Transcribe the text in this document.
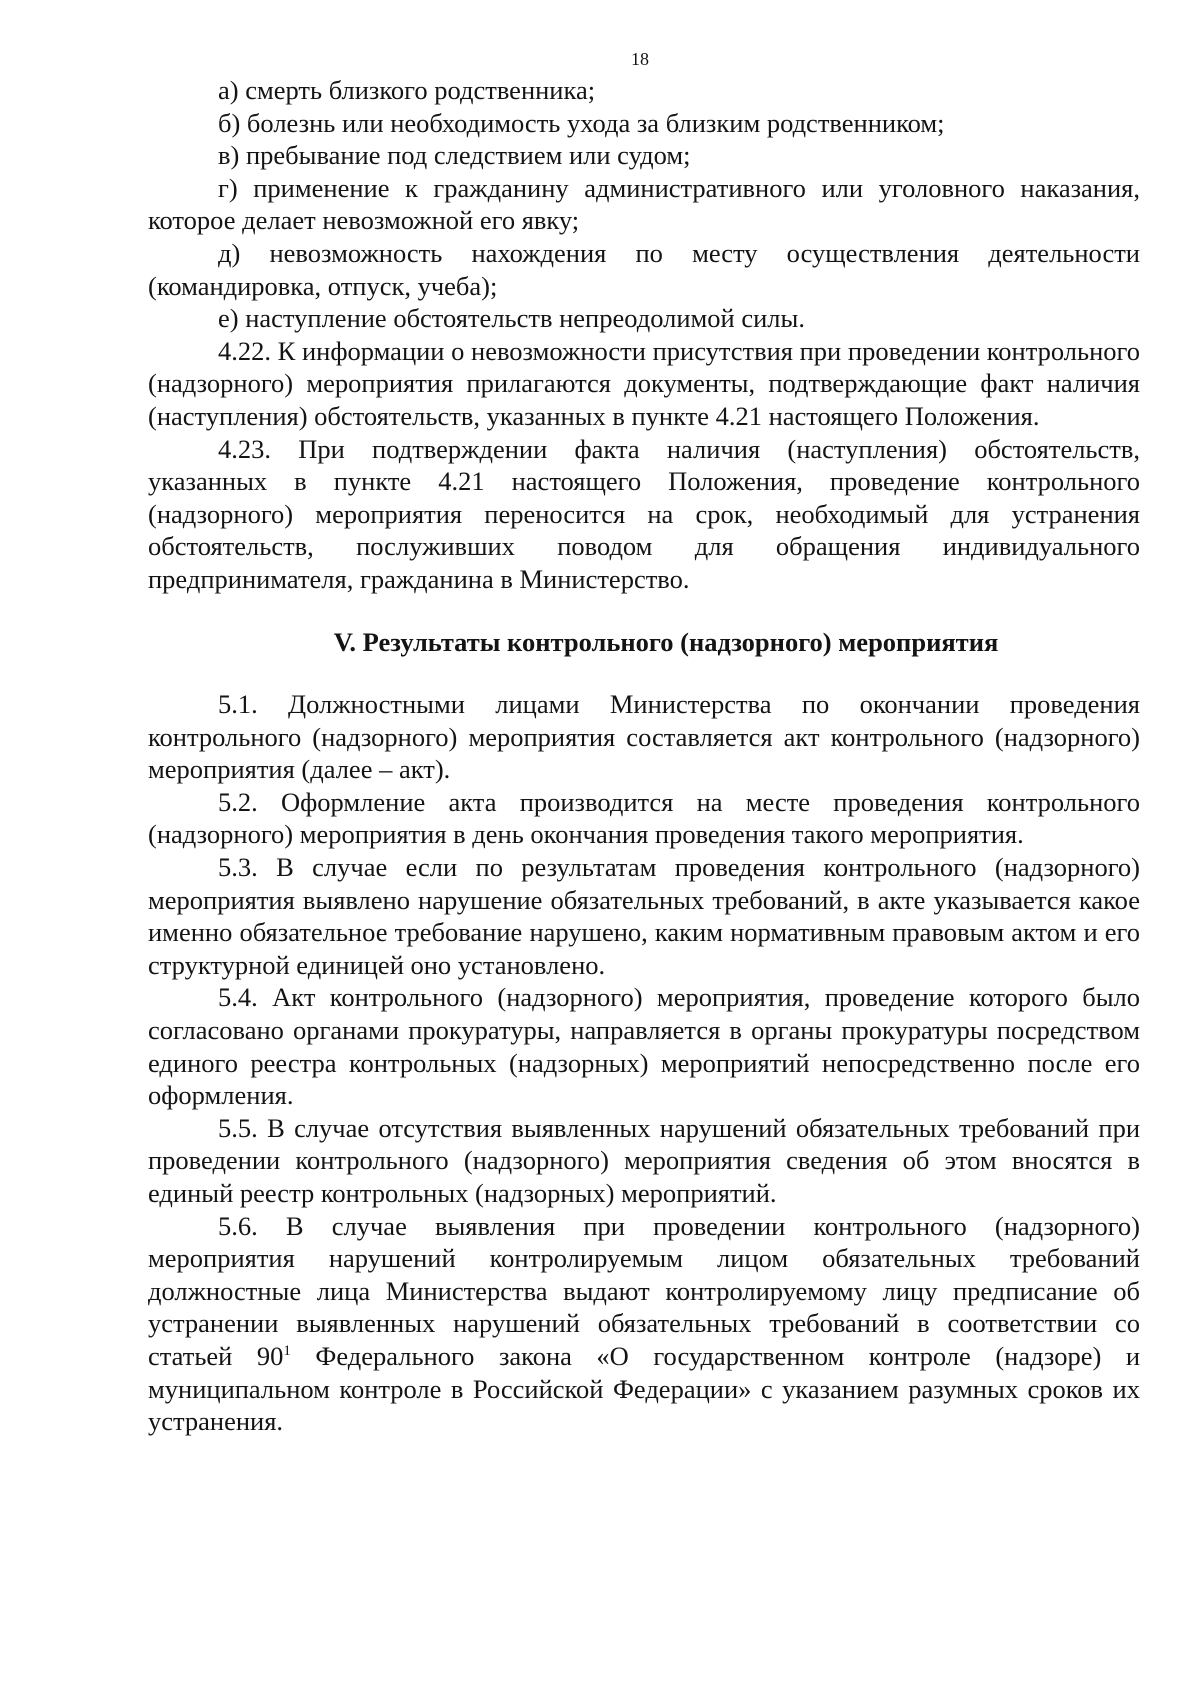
18

а) смерть близкого родственника;

б) болезнь или необходимость ухода за близким родственником;

в) пребывание под следствием или судом;

г) применение к гражданину административного или уголовного наказания, которое делает невозможной его явку;

д) невозможность нахождения по месту осуществления деятельности (командировка, отпуск, учеба);

е) наступление обстоятельств непреодолимой силы.

4.22. К информации о невозможности присутствия при проведении контрольного (надзорного) мероприятия прилагаются документы, подтверждающие факт наличия (наступления) обстоятельств, указанных в пункте 4.21 настоящего Положения.

4.23. При подтверждении факта наличия (наступления) обстоятельств, указанных в пункте 4.21 настоящего Положения, проведение контрольного (надзорного) мероприятия переносится на срок, необходимый для устранения обстоятельств, послуживших поводом для обращения индивидуального предпринимателя, гражданина в Министерство.

V. Результаты контрольного (надзорного) мероприятия

5.1. Должностными лицами Министерства по окончании проведения контрольного (надзорного) мероприятия составляется акт контрольного (надзорного) мероприятия (далее – акт).

5.2. Оформление акта производится на месте проведения контрольного (надзорного) мероприятия в день окончания проведения такого мероприятия.

5.3. В случае если по результатам проведения контрольного (надзорного) мероприятия выявлено нарушение обязательных требований, в акте указывается какое именно обязательное требование нарушено, каким нормативным правовым актом и его структурной единицей оно установлено.

5.4. Акт контрольного (надзорного) мероприятия, проведение которого было согласовано органами прокуратуры, направляется в органы прокуратуры посредством единого реестра контрольных (надзорных) мероприятий непосредственно после его оформления.

5.5. В случае отсутствия выявленных нарушений обязательных требований при проведении контрольного (надзорного) мероприятия сведения об этом вносятся в единый реестр контрольных (надзорных) мероприятий.

5.6. В случае выявления при проведении контрольного (надзорного) мероприятия нарушений контролируемым лицом обязательных требований должностные лица Министерства выдают контролируемому лицу предписание об устранении выявленных нарушений обязательных требований в соответствии со статьей $90^1$ Федерального закона «О государственном контроле (надзоре) и муниципальном контроле в Российской Федерации» с указанием разумных сроков их устранения.
